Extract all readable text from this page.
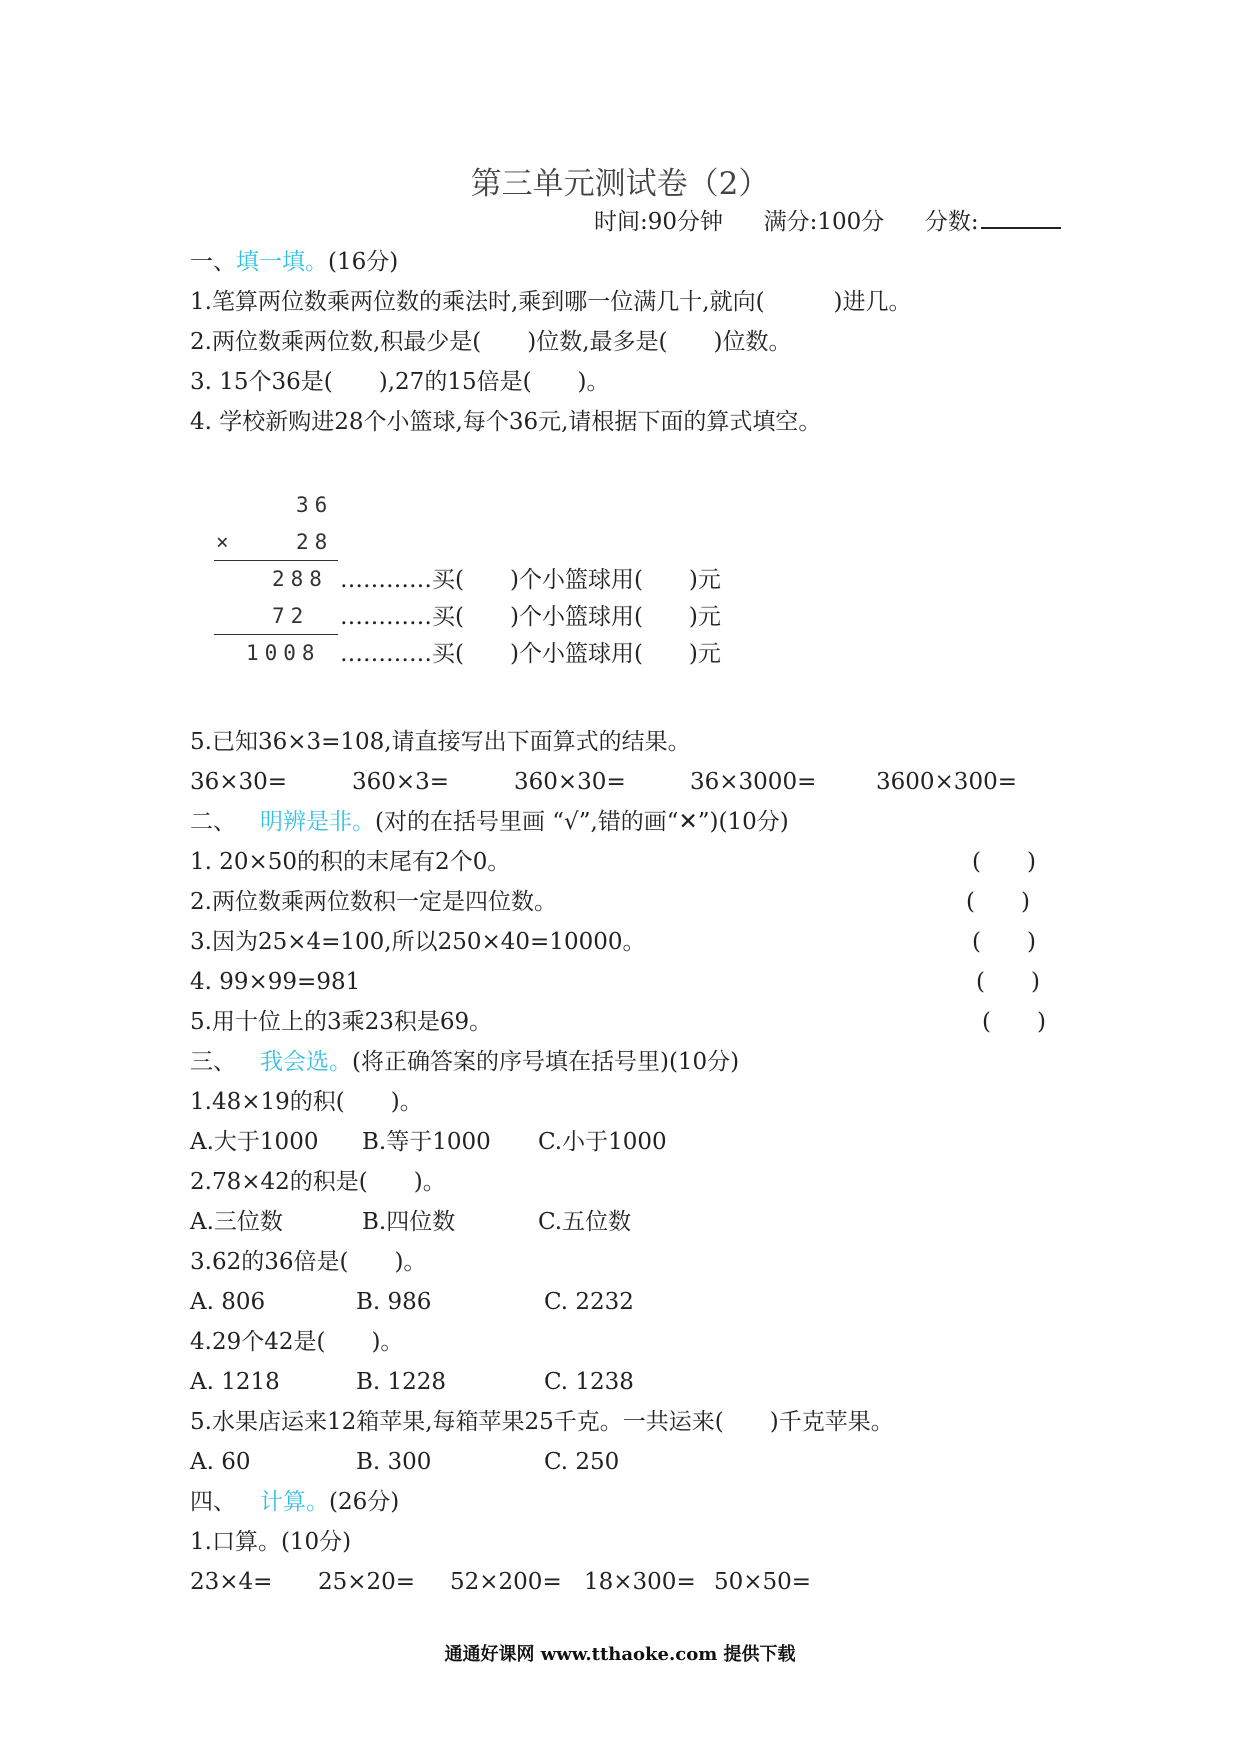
第三单元测试卷（2）
时间:90分钟 满分:100分 分数:
一、填一填。(16分)
1.笔算两位数乘两位数的乘法时,乘到哪一位满几十,就向(　　　)进几。
2.两位数乘两位数,积最少是(　　)位数,最多是(　　)位数。
3. 15个36是(　　),27的15倍是(　　)。
4. 学校新购进28个小篮球,每个36元,请根据下面的算式填空。
36
×	28
288 …………买(　　)个小篮球用(　　)元
72 …………买(　　)个小篮球用(　　)元
1008 …………买(　　)个小篮球用(　　)元
5.已知36×3=108,请直接写出下面算式的结果。
36×30=	360×3=	360×30=	36×3000=	3600×300=
二、 明辨是非。(对的在括号里画 “√”,错的画“✕”)(10分)
1. 20×50的积的末尾有2个0。	(　　)
2.两位数乘两位数积一定是四位数。	(　　)
3.因为25×4=100,所以250×40=10000。	(　　)
4. 99×99=981	(　　)
5.用十位上的3乘23积是69。	(　　)
三、 我会选。(将正确答案的序号填在括号里)(10分)
1.48×19的积(　　)。
A.大于1000 B.等于1000 C.小于1000
2.78×42的积是(　　)。
A.三位数	B.四位数	C.五位数
3.62的36倍是(　　)。
A. 806	B. 986	C. 2232
4.29个42是(　　)。
A. 1218	B. 1228	C. 1238
5.水果店运来12箱苹果,每箱苹果25千克。一共运来(　　)千克苹果。
A. 60	B. 300	C. 250
四、 计算。(26分)
1.口算。(10分)
23×4= 25×20= 52×200= 18×300= 50×50=
通通好课网 www.tthaoke.com 提供下载
